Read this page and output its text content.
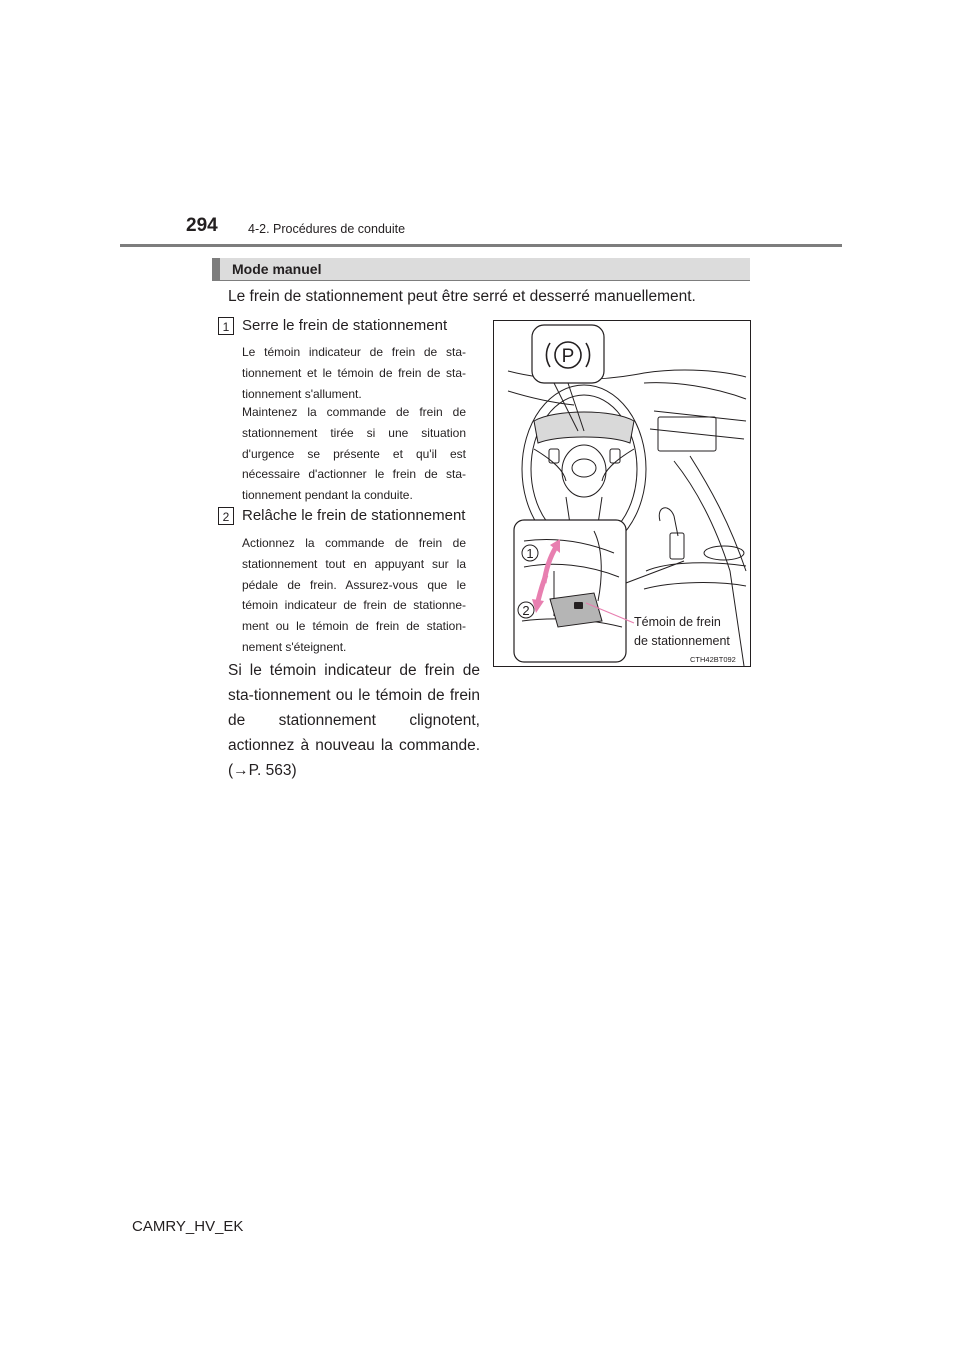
294 4-2. Procédures de conduite
Mode manuel
Le frein de stationnement peut être serré et desserré manuellement.
1 Serre le frein de stationnement
Le témoin indicateur de frein de sta-tionnement et le témoin de frein de sta-tionnement s'allument.
Maintenez la commande de frein de stationnement tirée si une situation d'urgence se présente et qu'il est nécessaire d'actionner le frein de sta-tionnement pendant la conduite.
2 Relâche le frein de stationnement
Actionnez la commande de frein de stationnement tout en appuyant sur la pédale de frein. Assurez-vous que le témoin indicateur de frein de stationne-ment ou le témoin de frein de station-nement s'éteignent.
Si le témoin indicateur de frein de sta-tionnement ou le témoin de frein de stationnement clignotent, actionnez à nouveau la commande. (→P. 563)
P
1
2
Témoin de frein
de stationnement
CTH42BT092
CAMRY_HV_EK
